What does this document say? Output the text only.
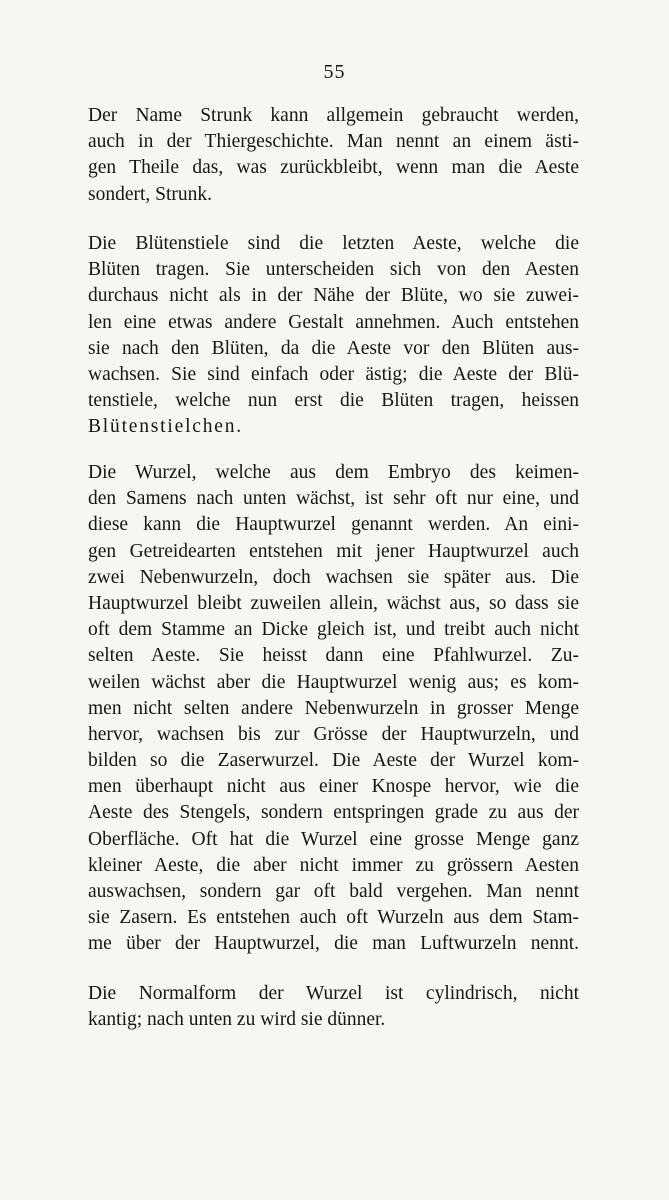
55
Der Name Strunk kann allgemein gebraucht werden,
auch in der Thiergeschichte. Man nennt an einem ästi-
gen Theile das, was zurückbleibt, wenn man die Aeste
sondert, Strunk.
Die Blütenstiele sind die letzten Aeste, welche die
Blüten tragen. Sie unterscheiden sich von den Aesten
durchaus nicht als in der Nähe der Blüte, wo sie zuwei-
len eine etwas andere Gestalt annehmen. Auch entstehen
sie nach den Blüten, da die Aeste vor den Blüten aus-
wachsen. Sie sind einfach oder ästig; die Aeste der Blü-
tenstiele, welche nun erst die Blüten tragen, heissen
Blütenstielchen.
Die Wurzel, welche aus dem Embryo des keimen-
den Samens nach unten wächst, ist sehr oft nur eine, und
diese kann die Hauptwurzel genannt werden. An eini-
gen Getreidearten entstehen mit jener Hauptwurzel auch
zwei Nebenwurzeln, doch wachsen sie später aus. Die
Hauptwurzel bleibt zuweilen allein, wächst aus, so dass sie
oft dem Stamme an Dicke gleich ist, und treibt auch nicht
selten Aeste. Sie heisst dann eine Pfahlwurzel. Zu-
weilen wächst aber die Hauptwurzel wenig aus; es kom-
men nicht selten andere Nebenwurzeln in grosser Menge
hervor, wachsen bis zur Grösse der Hauptwurzeln, und
bilden so die Zaserwurzel. Die Aeste der Wurzel kom-
men überhaupt nicht aus einer Knospe hervor, wie die
Aeste des Stengels, sondern entspringen grade zu aus der
Oberfläche. Oft hat die Wurzel eine grosse Menge ganz
kleiner Aeste, die aber nicht immer zu grössern Aesten
auswachsen, sondern gar oft bald vergehen. Man nennt
sie Zasern. Es entstehen auch oft Wurzeln aus dem Stam-
me über der Hauptwurzel, die man Luftwurzeln nennt.
Die Normalform der Wurzel ist cylindrisch, nicht
kantig; nach unten zu wird sie dünner.
